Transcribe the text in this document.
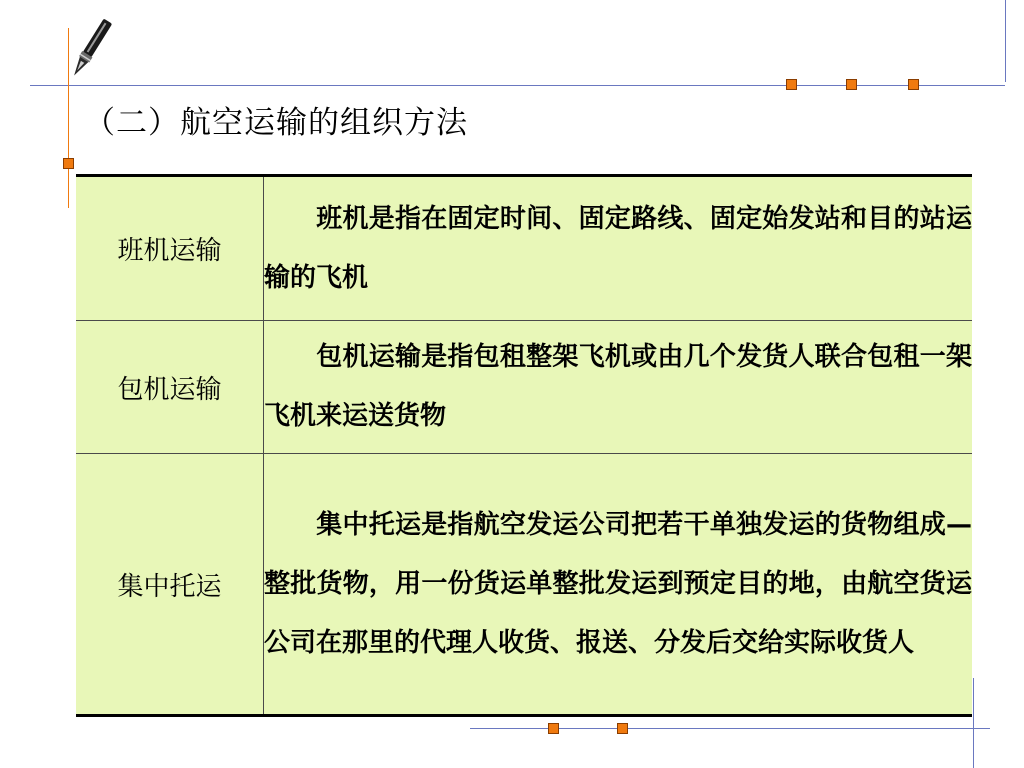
（二）航空运输的组织方法
班机运输	班机是指在固定时间、固定路线、固定始发站和目的站运输的飞机
包机运输	包机运输是指包租整架飞机或由几个发货人联合包租一架飞机来运送货物
集中托运	集中托运是指航空发运公司把若干单独发运的货物组成—整批货物，用一份货运单整批发运到预定目的地，由航空货运公司在那里的代理人收货、报送、分发后交给实际收货人
